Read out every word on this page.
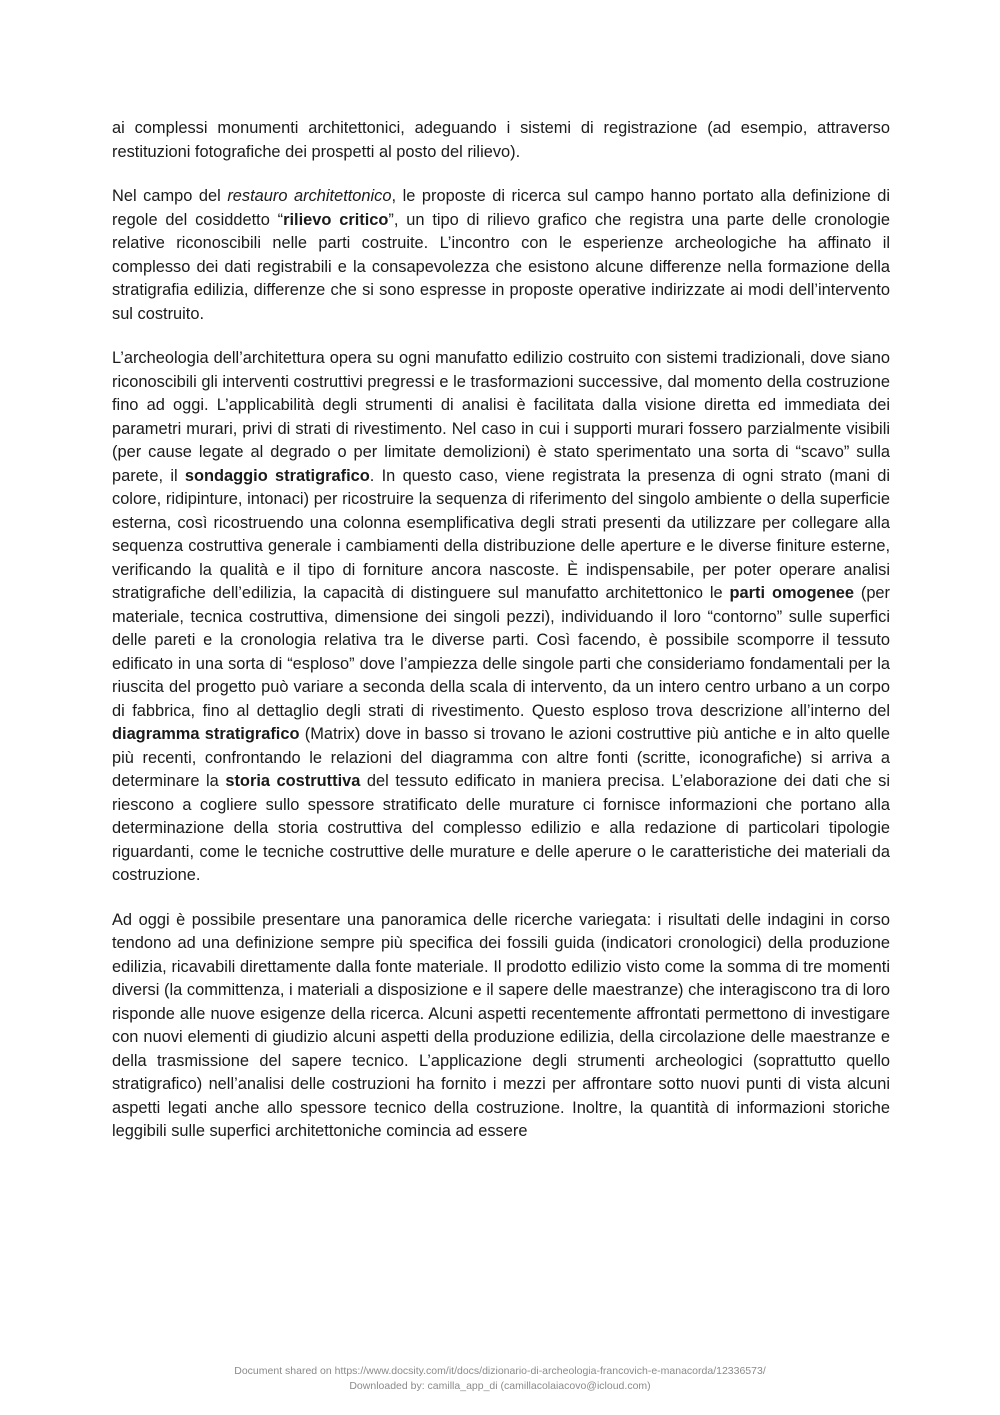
ai complessi monumenti architettonici, adeguando i sistemi di registrazione (ad esempio, attraverso restituzioni fotografiche dei prospetti al posto del rilievo).

Nel campo del restauro architettonico, le proposte di ricerca sul campo hanno portato alla definizione di regole del cosiddetto “rilievo critico”, un tipo di rilievo grafico che registra una parte delle cronologie relative riconoscibili nelle parti costruite. L’incontro con le esperienze archeologiche ha affinato il complesso dei dati registrabili e la consapevolezza che esistono alcune differenze nella formazione della stratigrafia edilizia, differenze che si sono espresse in proposte operative indirizzate ai modi dell’intervento sul costruito.

L’archeologia dell’architettura opera su ogni manufatto edilizio costruito con sistemi tradizionali, dove siano riconoscibili gli interventi costruttivi pregressi e le trasformazioni successive, dal momento della costruzione fino ad oggi. L’applicabilità degli strumenti di analisi è facilitata dalla visione diretta ed immediata dei parametri murari, privi di strati di rivestimento. Nel caso in cui i supporti murari fossero parzialmente visibili (per cause legate al degrado o per limitate demolizioni) è stato sperimentato una sorta di “scavo” sulla parete, il sondaggio stratigrafico. In questo caso, viene registrata la presenza di ogni strato (mani di colore, ridipinture, intonaci) per ricostruire la sequenza di riferimento del singolo ambiente o della superficie esterna, così ricostruendo una colonna esemplificativa degli strati presenti da utilizzare per collegare alla sequenza costruttiva generale i cambiamenti della distribuzione delle aperture e le diverse finiture esterne, verificando la qualità e il tipo di forniture ancora nascoste. È indispensabile, per poter operare analisi stratigrafiche dell’edilizia, la capacità di distinguere sul manufatto architettonico le parti omogenee (per materiale, tecnica costruttiva, dimensione dei singoli pezzi), individuando il loro “contorno” sulle superfici delle pareti e la cronologia relativa tra le diverse parti. Così facendo, è possibile scomporre il tessuto edificato in una sorta di “esploso” dove l’ampiezza delle singole parti che consideriamo fondamentali per la riuscita del progetto può variare a seconda della scala di intervento, da un intero centro urbano a un corpo di fabbrica, fino al dettaglio degli strati di rivestimento. Questo esploso trova descrizione all’interno del diagramma stratigrafico (Matrix) dove in basso si trovano le azioni costruttive più antiche e in alto quelle più recenti, confrontando le relazioni del diagramma con altre fonti (scritte, iconografiche) si arriva a determinare la storia costruttiva del tessuto edificato in maniera precisa. L’elaborazione dei dati che si riescono a cogliere sullo spessore stratificato delle murature ci fornisce informazioni che portano alla determinazione della storia costruttiva del complesso edilizio e alla redazione di particolari tipologie riguardanti, come le tecniche costruttive delle murature e delle aperure o le caratteristiche dei materiali da costruzione.

Ad oggi è possibile presentare una panoramica delle ricerche variegata: i risultati delle indagini in corso tendono ad una definizione sempre più specifica dei fossili guida (indicatori cronologici) della produzione edilizia, ricavabili direttamente dalla fonte materiale. Il prodotto edilizio visto come la somma di tre momenti diversi (la committenza, i materiali a disposizione e il sapere delle maestranze) che interagiscono tra di loro risponde alle nuove esigenze della ricerca. Alcuni aspetti recentemente affrontati permettono di investigare con nuovi elementi di giudizio alcuni aspetti della produzione edilizia, della circolazione delle maestranze e della trasmissione del sapere tecnico. L’applicazione degli strumenti archeologici (soprattutto quello stratigrafico) nell’analisi delle costruzioni ha fornito i mezzi per affrontare sotto nuovi punti di vista alcuni aspetti legati anche allo spessore tecnico della costruzione. Inoltre, la quantità di informazioni storiche leggibili sulle superfici architettoniche comincia ad essere

Document shared on https://www.docsity.com/it/docs/dizionario-di-archeologia-francovich-e-manacorda/12336573/
Downloaded by: camilla_app_di (camillacolaiacovo@icloud.com)
